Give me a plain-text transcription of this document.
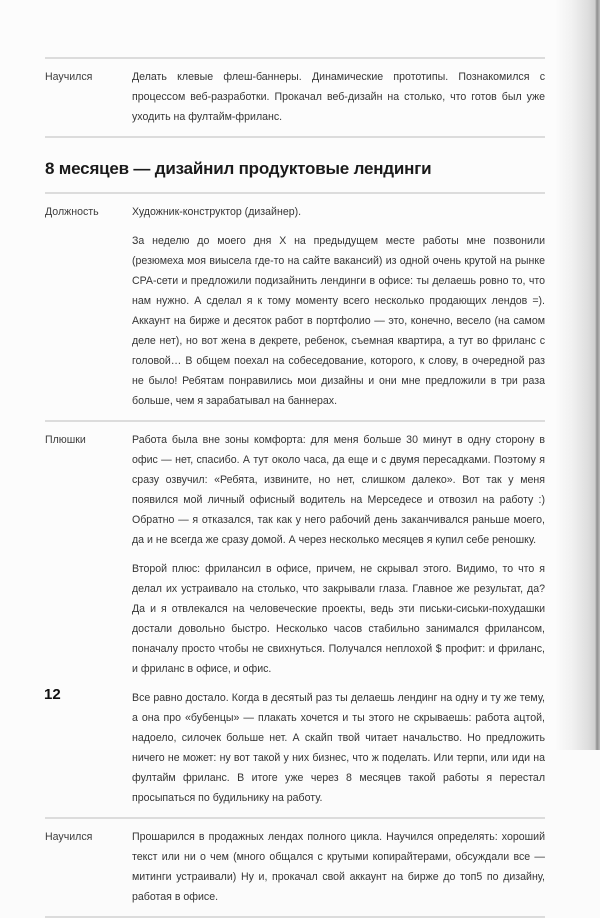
Научился	Делать клевые флеш-баннеры. Динамические прототипы. Познакомился с процессом веб-разработки. Прокачал веб-дизайн на столько, что готов был уже уходить на фултайм-фриланс.

8 месяцев — дизайнил продуктовые лендинги
Должность	Художник-конструктор (дизайнер).

За неделю до моего дня Х на предыдущем месте работы мне позвонили (резюмеха моя виысела где-то на сайте вакансий) из одной очень крутой на рынке CPA-сети и предложили подизайнить лендинги в офисе: ты делаешь ровно то, что нам нужно. А сделал я к тому моменту всего несколько продающих лендов =). Аккаунт на бирже и десяток работ в портфолио — это, конечно, весело (на самом деле нет), но вот жена в декрете, ребенок, съемная квартира, а тут во фриланс с головой… В общем поехал на собеседование, которого, к слову, в очередной раз не было! Ребятам понравились мои дизайны и они мне предложили в три раза больше, чем я зарабатывал на баннерах.

Плюшки	Работа была вне зоны комфорта: для меня больше 30 минут в одну сторону в офис — нет, спасибо. А тут около часа, да еще и с двумя пересадками. Поэтому я сразу озвучил: «Ребята, извините, но нет, слишком далеко». Вот так у меня появился мой личный офисный водитель на Мерседесе и отвозил на работу :) Обратно — я отказался, так как у него рабочий день заканчивался раньше моего, да и не всегда же сразу домой. А через несколько месяцев я купил себе реношку.

Второй плюс: фрилансил в офисе, причем, не скрывал этого. Видимо, то что я делал их устраивало на столько, что закрывали глаза. Главное же результат, да? Да и я отвлекался на человеческие проекты, ведь эти письки-сиськи-похудашки достали довольно быстро. Несколько часов стабильно занимался фрилансом, поначалу просто чтобы не свихнуться. Получался неплохой $ профит: и фриланс, и фриланс в офисе, и офис.

Все равно достало. Когда в десятый раз ты делаешь лендинг на одну и ту же тему, а она про «бубенцы» — плакать хочется и ты этого не скрываешь: работа ацтой, надоело, силочек больше нет. А скайп твой читает начальство. Но предложить ничего не может: ну вот такой у них бизнес, что ж поделать. Или терпи, или иди на фултайм фриланс. В итоге уже через 8 месяцев такой работы я перестал просыпаться по будильнику на работу.

Научился	Прошарился в продажных лендах полного цикла. Научился определять: хороший текст или ни о чем (много общался с крутыми копирайтерами, обсуждали все — митинги устраивали) Ну и, прокачал свой аккаунт на бирже до топ5 по дизайну, работая в офисе.

12
